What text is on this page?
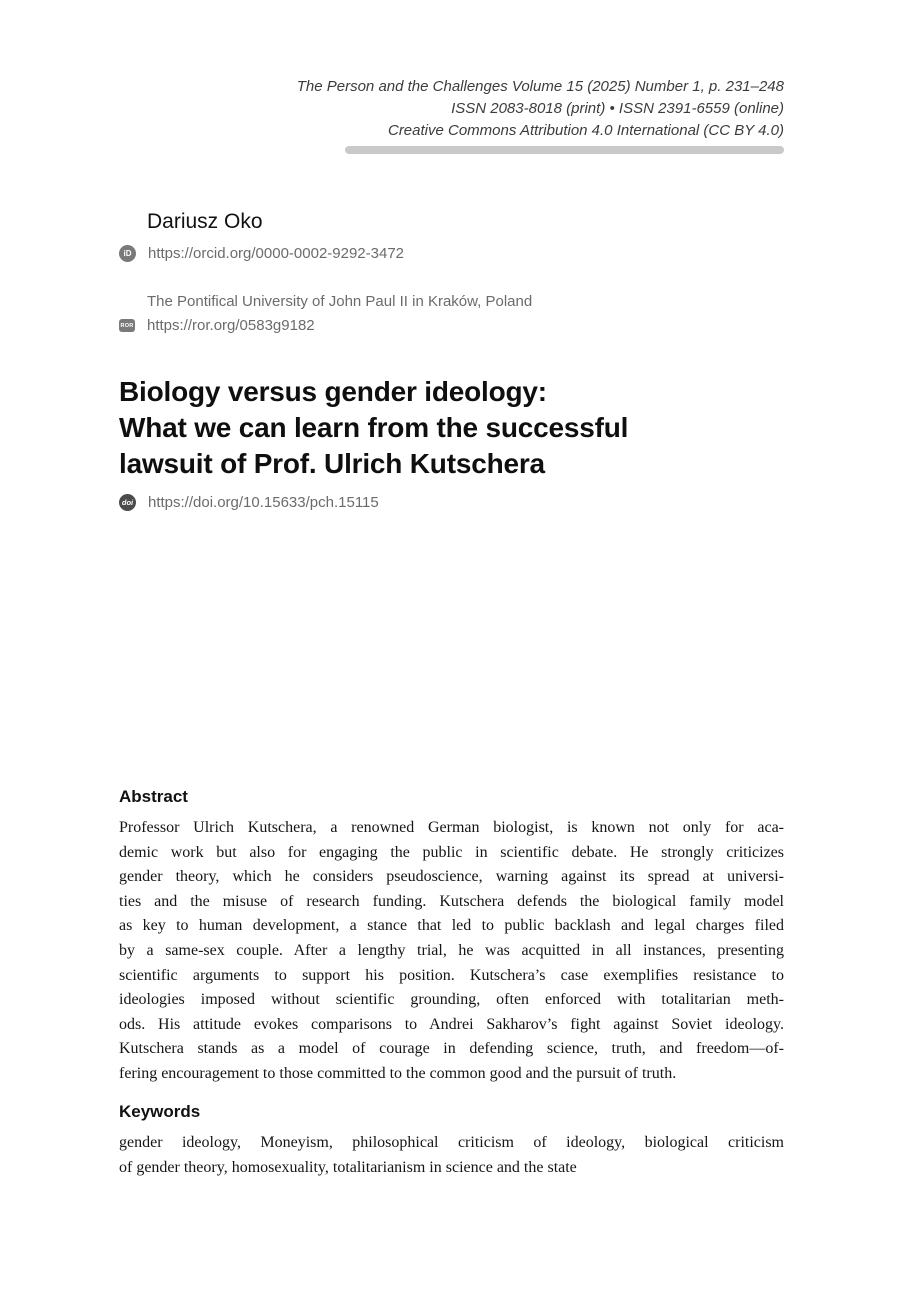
The Person and the Challenges Volume 15 (2025) Number 1, p. 231–248
ISSN 2083-8018 (print) • ISSN 2391-6559 (online)
Creative Commons Attribution 4.0 International (CC BY 4.0)
Dariusz Oko
iD	https://orcid.org/0000-0002-9292-3472
The Pontifical University of John Paul II in Kraków, Poland
ROR https://ror.org/0583g9182
Biology versus gender ideology:
What we can learn from the successful
lawsuit of Prof. Ulrich Kutschera
doi https://doi.org/10.15633/pch.15115
Abstract
Professor Ulrich Kutschera, a renowned German biologist, is known not only for aca-
demic work but also for engaging the public in scientific debate. He strongly criticizes
gender theory, which he considers pseudoscience, warning against its spread at universi-
ties and the misuse of research funding. Kutschera defends the biological family model
as key to human development, a stance that led to public backlash and legal charges filed
by a same-sex couple. After a lengthy trial, he was acquitted in all instances, presenting
scientific arguments to support his position. Kutschera’s case exemplifies resistance to
ideologies imposed without scientific grounding, often enforced with totalitarian meth-
ods. His attitude evokes comparisons to Andrei Sakharov’s fight against Soviet ideology.
Kutschera stands as a model of courage in defending science, truth, and freedom—of-
fering encouragement to those committed to the common good and the pursuit of truth.
Keywords
gender ideology, Moneyism, philosophical criticism of ideology, biological criticism
of gender theory, homosexuality, totalitarianism in science and the state
